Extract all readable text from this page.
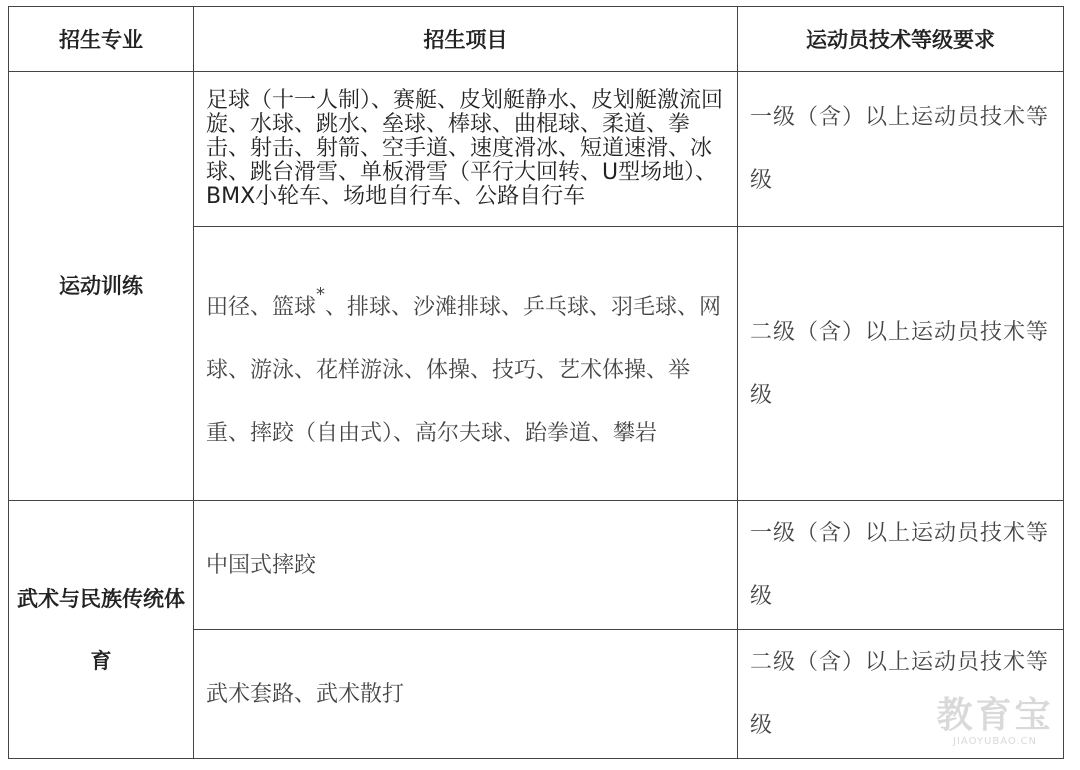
招生专业	招生项目	运动员技术等级要求
运动训练	足球（十一人制）、赛艇、皮划艇静水、皮划艇激流回旋、水球、跳水、垒球、棒球、曲棍球、柔道、拳击、射击、射箭、空手道、速度滑冰、短道速滑、冰球、跳台滑雪、单板滑雪（平行大回转、U型场地）、BMX小轮车、场地自行车、公路自行车	一级（含）以上运动员技术等级
	田径、篮球*、排球、沙滩排球、乒乓球、羽毛球、网球、游泳、花样游泳、体操、技巧、艺术体操、举重、摔跤（自由式）、高尔夫球、跆拳道、攀岩	二级（含）以上运动员技术等级
武术与民族传统体育	中国式摔跤	一级（含）以上运动员技术等级
	武术套路、武术散打	二级（含）以上运动员技术等级	教育宝
JIAOYUBAO.CN
